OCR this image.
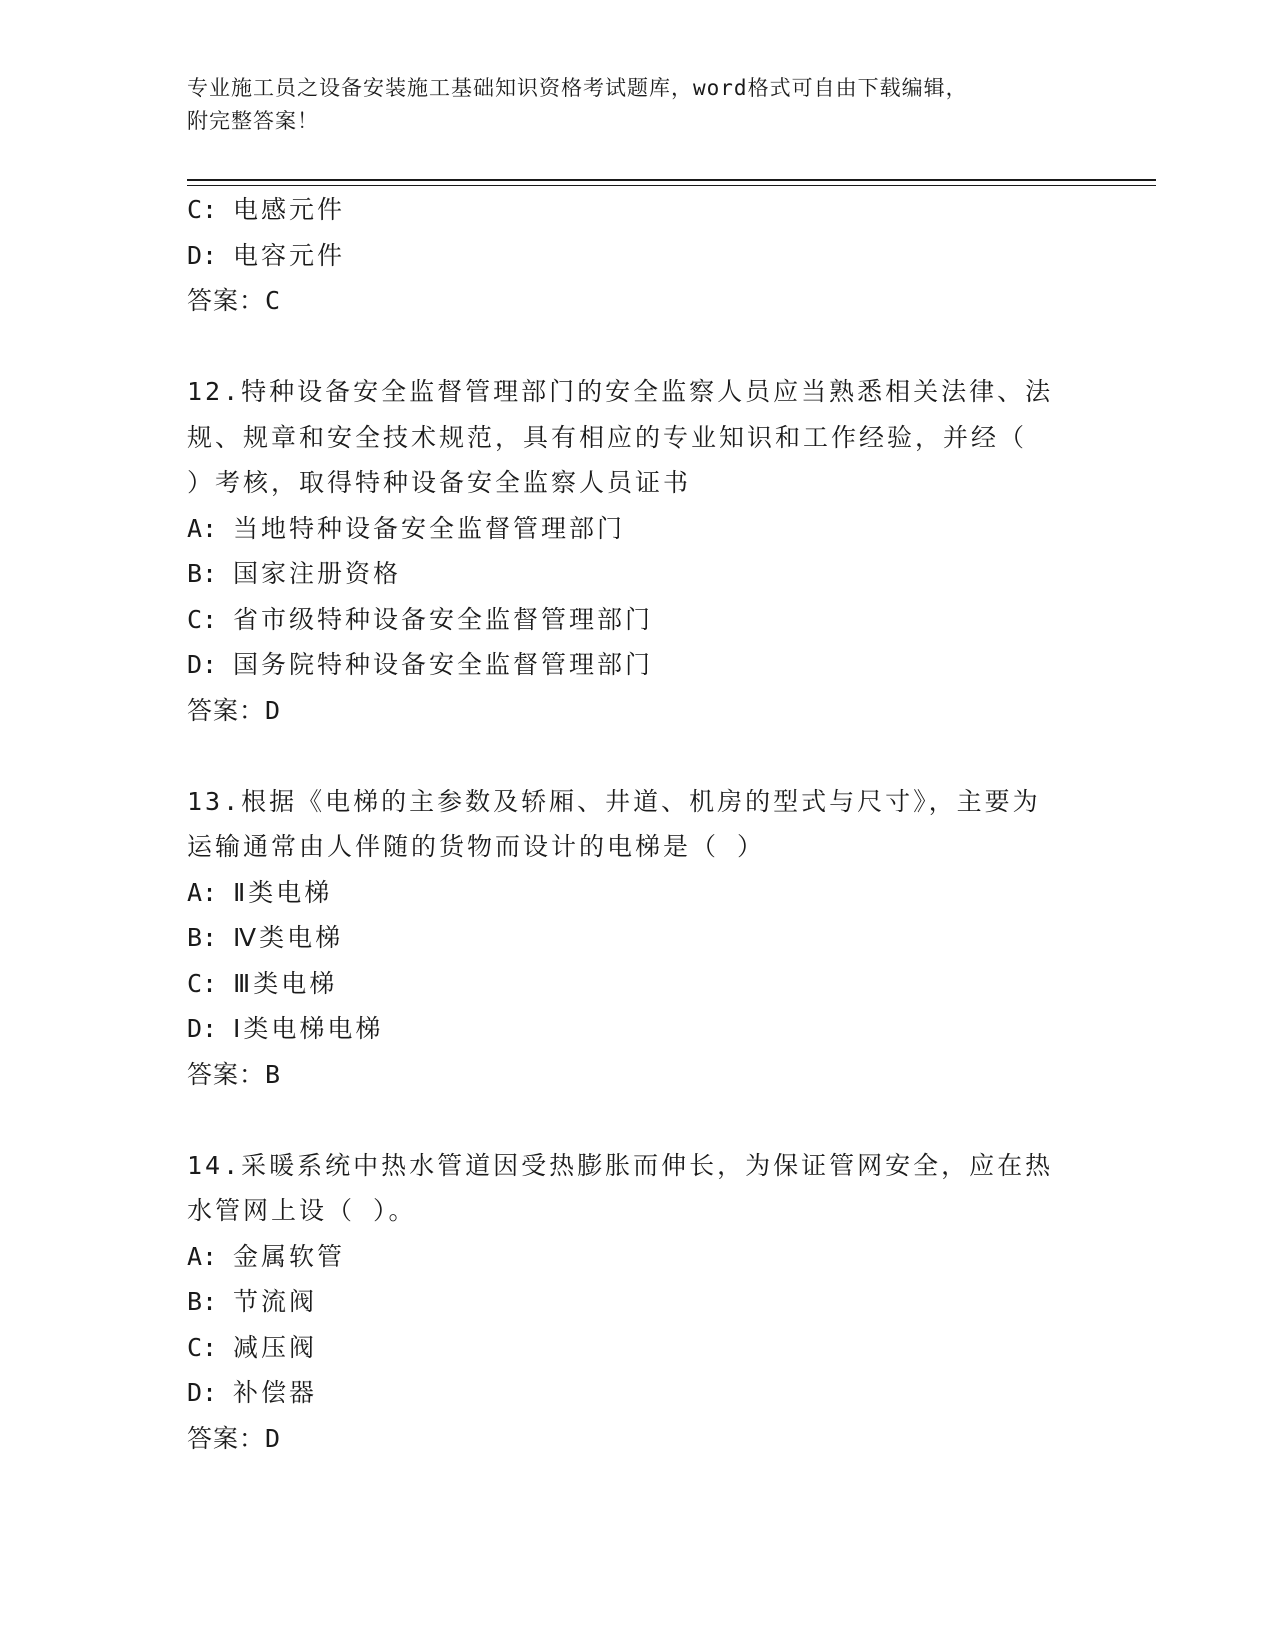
专业施工员之设备安装施工基础知识资格考试题库，word格式可自由下载编辑，
附完整答案！
C: 电感元件
D: 电容元件
答案：C
12.特种设备安全监督管理部门的安全监察人员应当熟悉相关法律、法
规、规章和安全技术规范，具有相应的专业知识和工作经验，并经（
）考核，取得特种设备安全监察人员证书
A: 当地特种设备安全监督管理部门
B: 国家注册资格
C: 省市级特种设备安全监督管理部门
D: 国务院特种设备安全监督管理部门
答案：D
13.根据《电梯的主参数及轿厢、井道、机房的型式与尺寸》，主要为
运输通常由人伴随的货物而设计的电梯是（ ）
A: Ⅱ类电梯
B: Ⅳ类电梯
C: Ⅲ类电梯
D: Ⅰ类电梯电梯
答案：B
14.采暖系统中热水管道因受热膨胀而伸长，为保证管网安全，应在热
水管网上设（ ）。
A: 金属软管
B: 节流阀
C: 减压阀
D: 补偿器
答案：D
